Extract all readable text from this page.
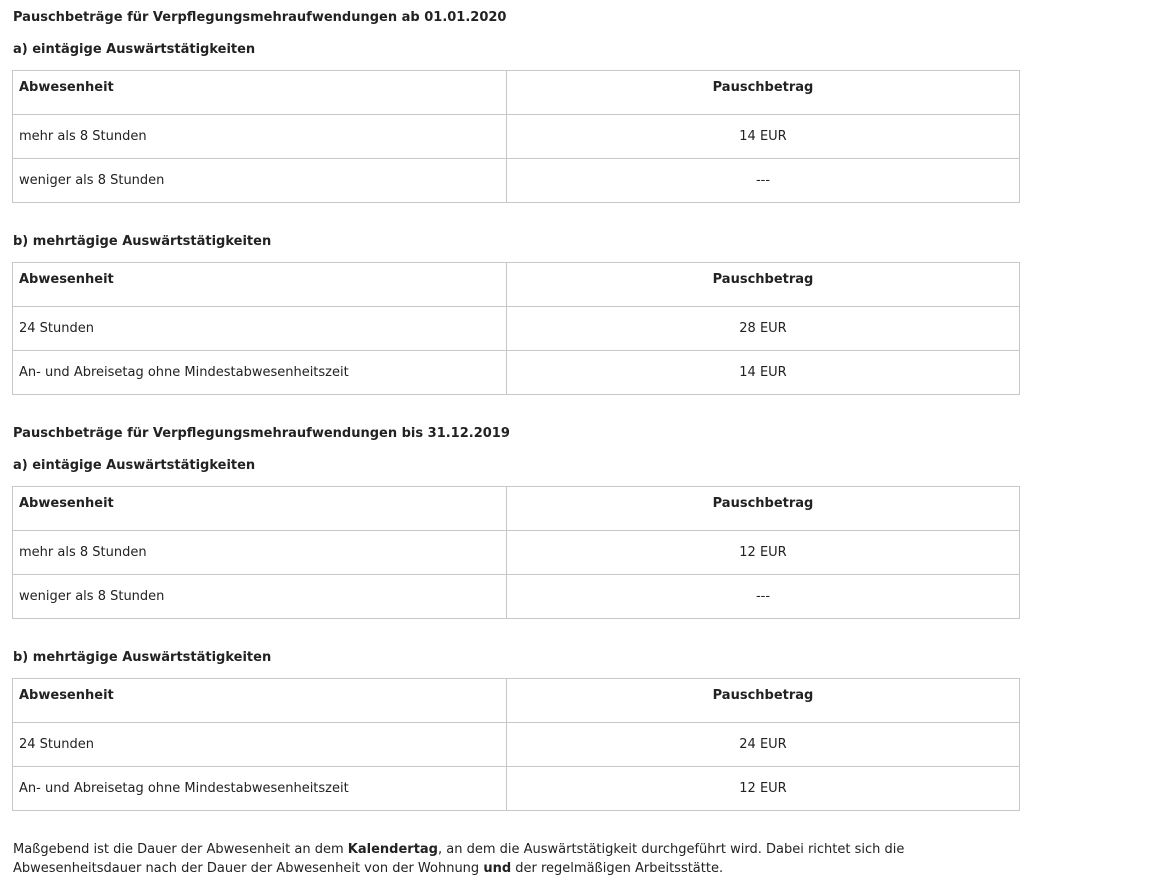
Pauschbeträge für Verpflegungsmehraufwendungen ab 01.01.2020

a) eintägige Auswärtstätigkeiten

Abwesenheit	Pauschbetrag
mehr als 8 Stunden	14 EUR
weniger als 8 Stunden	---

b) mehrtägige Auswärtstätigkeiten

Abwesenheit	Pauschbetrag
24 Stunden	28 EUR
An- und Abreisetag ohne Mindestabwesenheitszeit	14 EUR

Pauschbeträge für Verpflegungsmehraufwendungen bis 31.12.2019

a) eintägige Auswärtstätigkeiten

Abwesenheit	Pauschbetrag
mehr als 8 Stunden	12 EUR
weniger als 8 Stunden	---

b) mehrtägige Auswärtstätigkeiten

Abwesenheit	Pauschbetrag
24 Stunden	24 EUR
An- und Abreisetag ohne Mindestabwesenheitszeit	12 EUR

Maßgebend ist die Dauer der Abwesenheit an dem Kalendertag, an dem die Auswärtstätigkeit durchgeführt wird. Dabei richtet sich die Abwesenheitsdauer nach der Dauer der Abwesenheit von der Wohnung und der regelmäßigen Arbeitsstätte.
